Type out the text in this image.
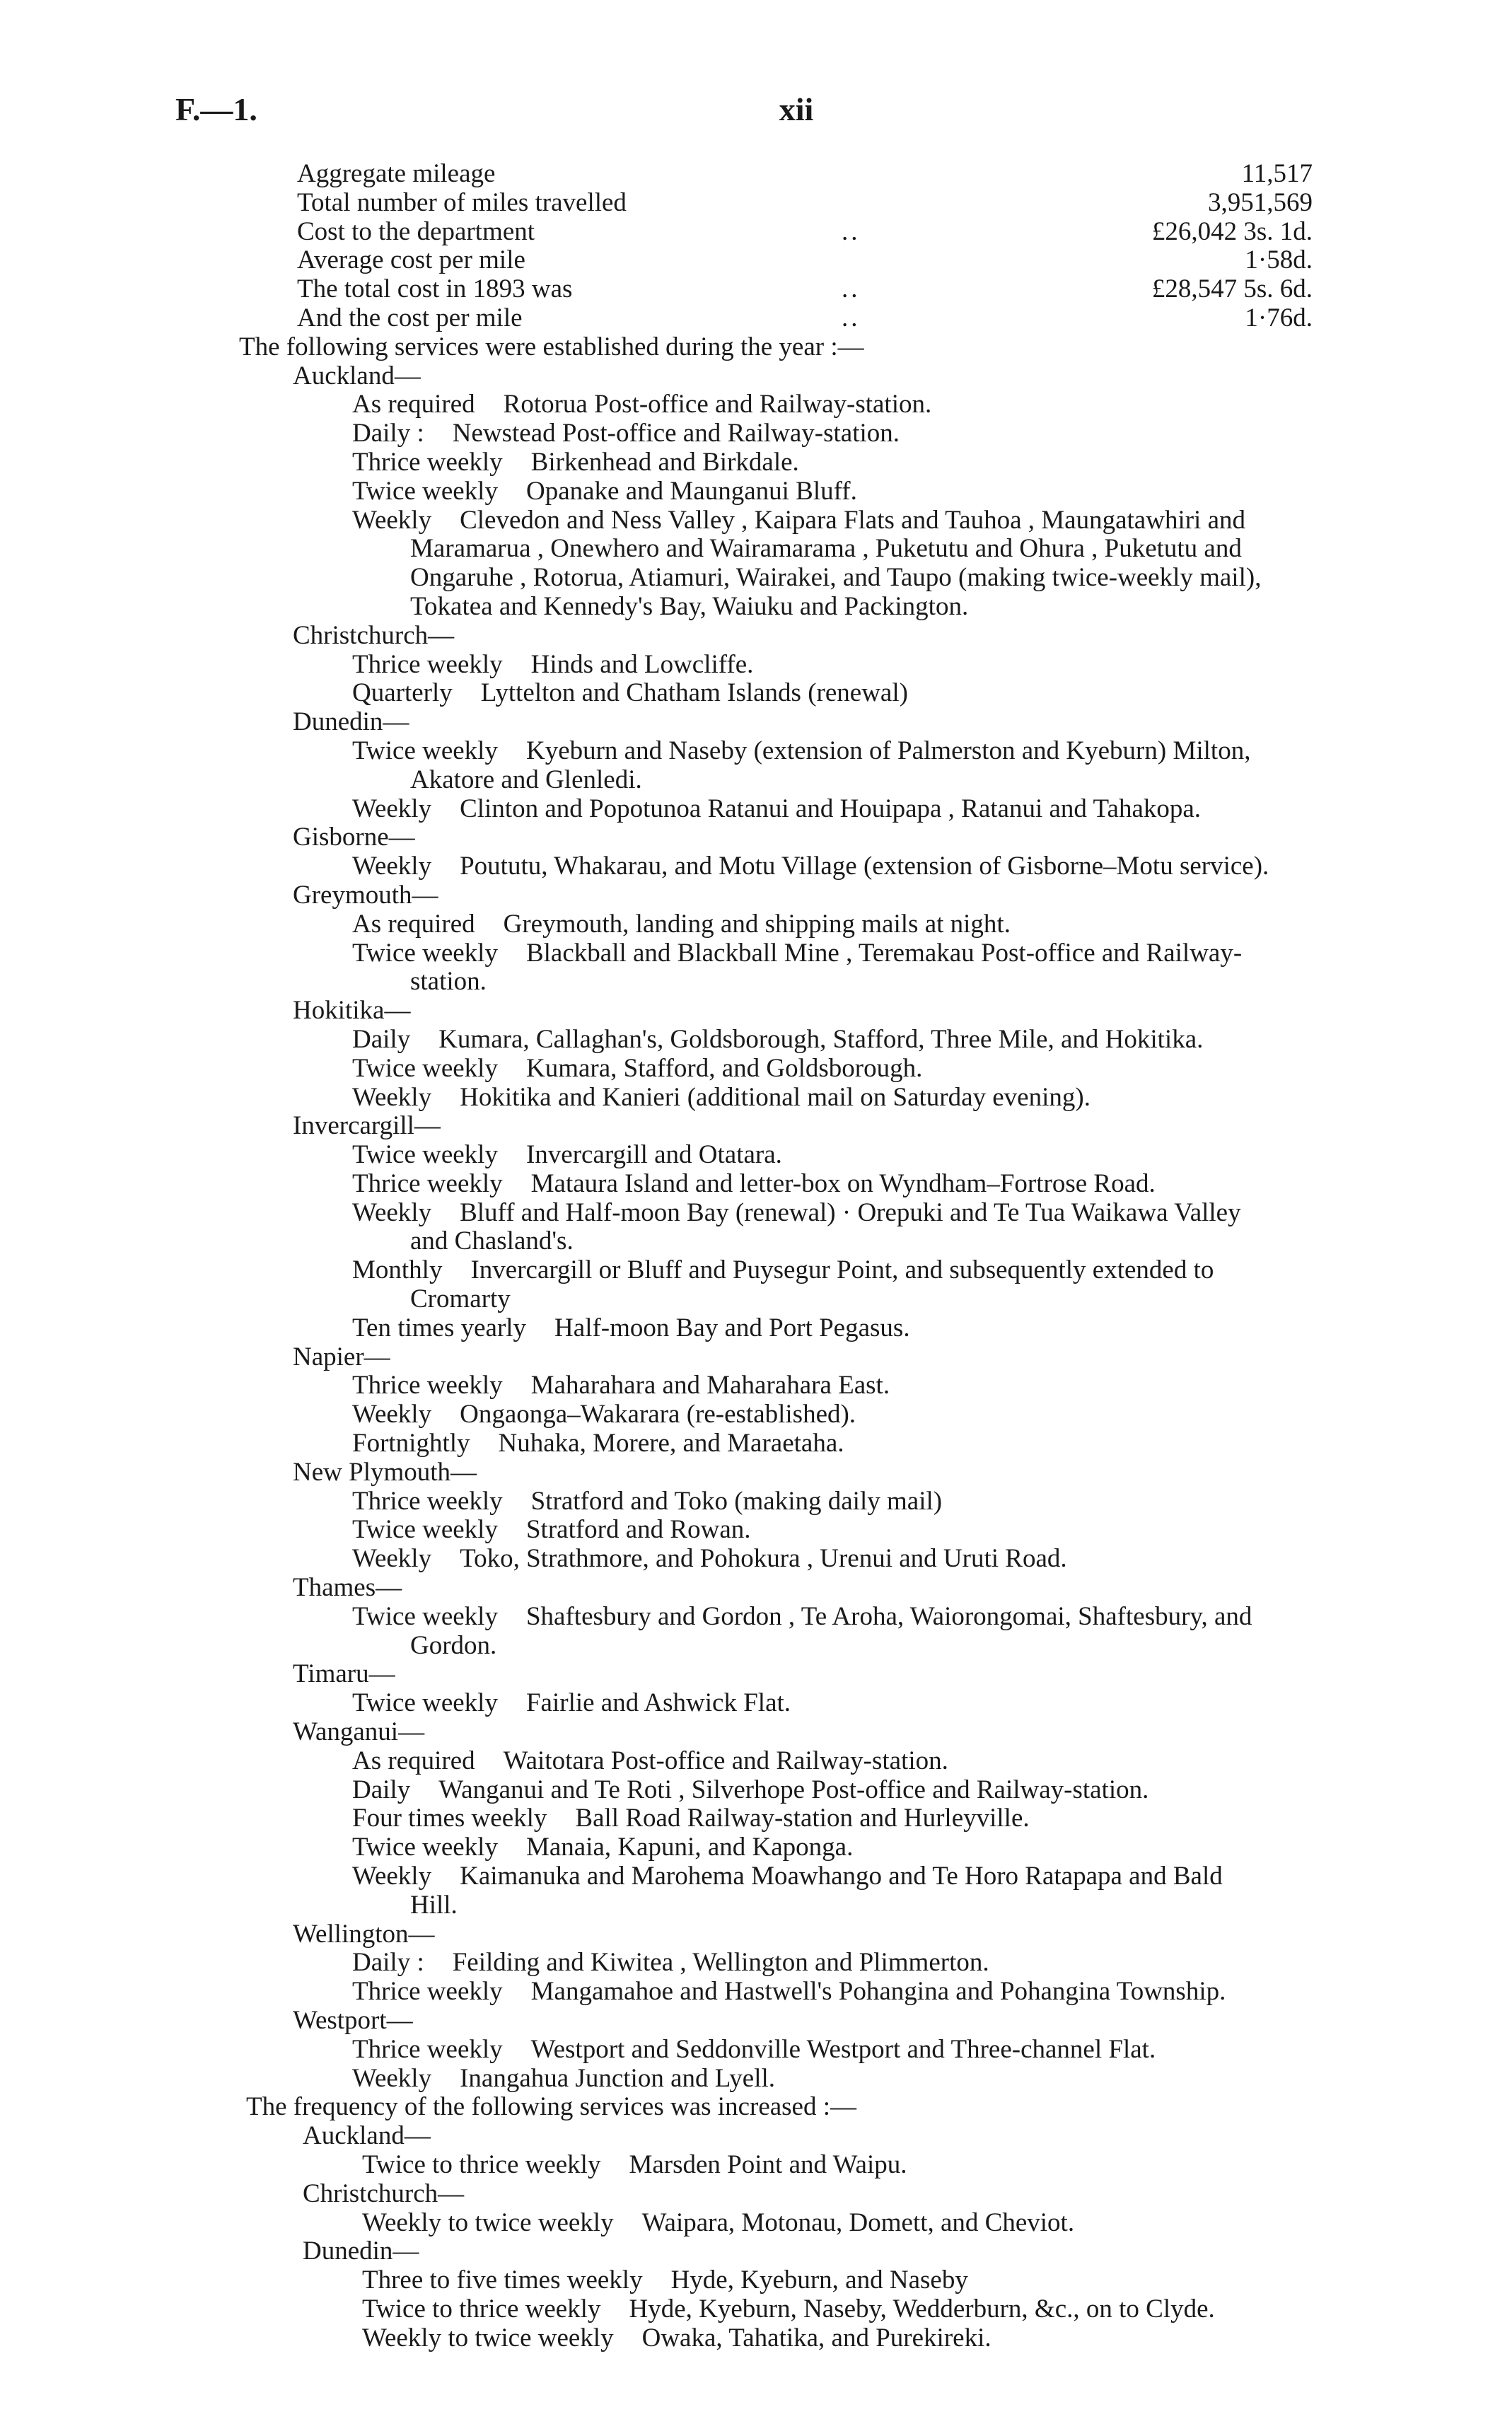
F.—1.	xii
Aggregate mileage	11,517
Total number of miles travelled	3,951,569
Cost to the department	..	£26,042 3s. 1d.
Average cost per mile	1·58d.
The total cost in 1893 was	..	£28,547 5s. 6d.
And the cost per mile	..	1·76d.
The following services were established during the year :—
Auckland—
As required Rotorua Post-office and Railway-station.
Daily : Newstead Post-office and Railway-station.
Thrice weekly Birkenhead and Birkdale.
Twice weekly Opanake and Maunganui Bluff.
Weekly Clevedon and Ness Valley , Kaipara Flats and Tauhoa , Maungatawhiri and
Maramarua , Onewhero and Wairamarama , Puketutu and Ohura , Puketutu and
Ongaruhe , Rotorua, Atiamuri, Wairakei, and Taupo (making twice-weekly mail),
Tokatea and Kennedy's Bay, Waiuku and Packington.
Christchurch—
Thrice weekly Hinds and Lowcliffe.
Quarterly Lyttelton and Chatham Islands (renewal)
Dunedin—
Twice weekly Kyeburn and Naseby (extension of Palmerston and Kyeburn) Milton,
Akatore and Glenledi.
Weekly Clinton and Popotunoa Ratanui and Houipapa , Ratanui and Tahakopa.
Gisborne—
Weekly Poututu, Whakarau, and Motu Village (extension of Gisborne–Motu service).
Greymouth—
As required Greymouth, landing and shipping mails at night.
Twice weekly Blackball and Blackball Mine , Teremakau Post-office and Railway-
station.
Hokitika—
Daily Kumara, Callaghan's, Goldsborough, Stafford, Three Mile, and Hokitika.
Twice weekly Kumara, Stafford, and Goldsborough.
Weekly Hokitika and Kanieri (additional mail on Saturday evening).
Invercargill—
Twice weekly Invercargill and Otatara.
Thrice weekly Mataura Island and letter-box on Wyndham–Fortrose Road.
Weekly Bluff and Half-moon Bay (renewal) · Orepuki and Te Tua Waikawa Valley
and Chasland's.
Monthly Invercargill or Bluff and Puysegur Point, and subsequently extended to
Cromarty
Ten times yearly Half-moon Bay and Port Pegasus.
Napier—
Thrice weekly Maharahara and Maharahara East.
Weekly Ongaonga–Wakarara (re-established).
Fortnightly Nuhaka, Morere, and Maraetaha.
New Plymouth—
Thrice weekly Stratford and Toko (making daily mail)
Twice weekly Stratford and Rowan.
Weekly Toko, Strathmore, and Pohokura , Urenui and Uruti Road.
Thames—
Twice weekly Shaftesbury and Gordon , Te Aroha, Waiorongomai, Shaftesbury, and
Gordon.
Timaru—
Twice weekly Fairlie and Ashwick Flat.
Wanganui—
As required Waitotara Post-office and Railway-station.
Daily Wanganui and Te Roti , Silverhope Post-office and Railway-station.
Four times weekly Ball Road Railway-station and Hurleyville.
Twice weekly Manaia, Kapuni, and Kaponga.
Weekly Kaimanuka and Marohema Moawhango and Te Horo Ratapapa and Bald
Hill.
Wellington—
Daily : Feilding and Kiwitea , Wellington and Plimmerton.
Thrice weekly Mangamahoe and Hastwell's Pohangina and Pohangina Township.
Westport—
Thrice weekly Westport and Seddonville Westport and Three-channel Flat.
Weekly Inangahua Junction and Lyell.
The frequency of the following services was increased :—
Auckland—
Twice to thrice weekly Marsden Point and Waipu.
Christchurch—
Weekly to twice weekly Waipara, Motonau, Domett, and Cheviot.
Dunedin—
Three to five times weekly Hyde, Kyeburn, and Naseby
Twice to thrice weekly Hyde, Kyeburn, Naseby, Wedderburn, &c., on to Clyde.
Weekly to twice weekly Owaka, Tahatika, and Purekireki.
